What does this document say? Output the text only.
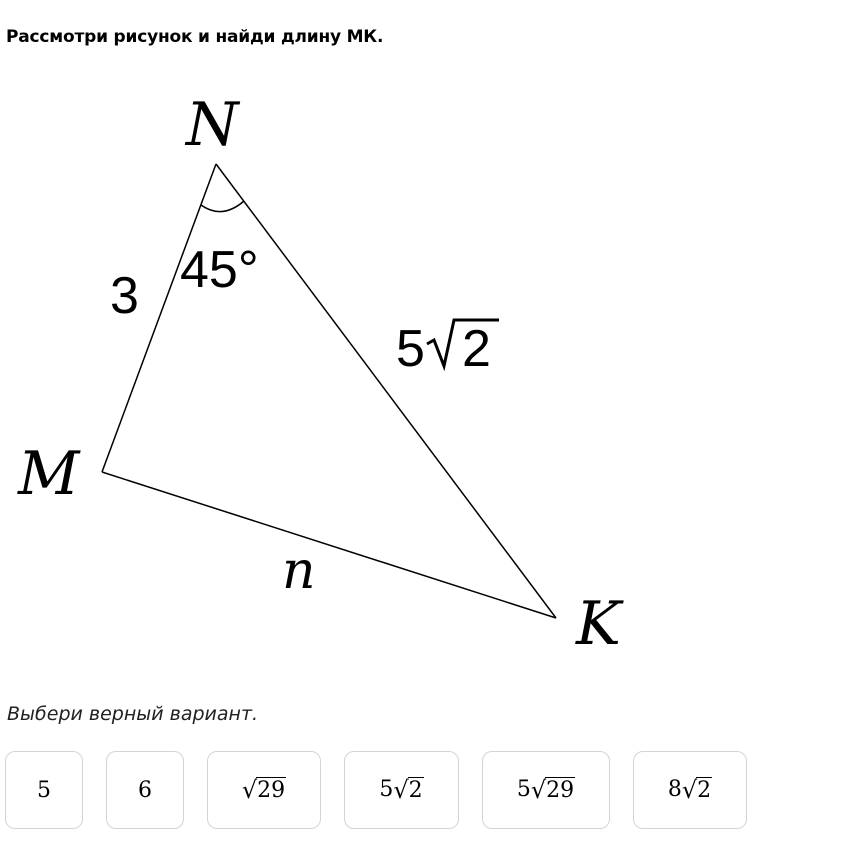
Рассмотри рисунок и найди длину МК.
N
M
K
3 45°
n
5 2
Выбери верный вариант.
5	6	√ 29	5 √ 2	5 √ 29	8 √ 2
